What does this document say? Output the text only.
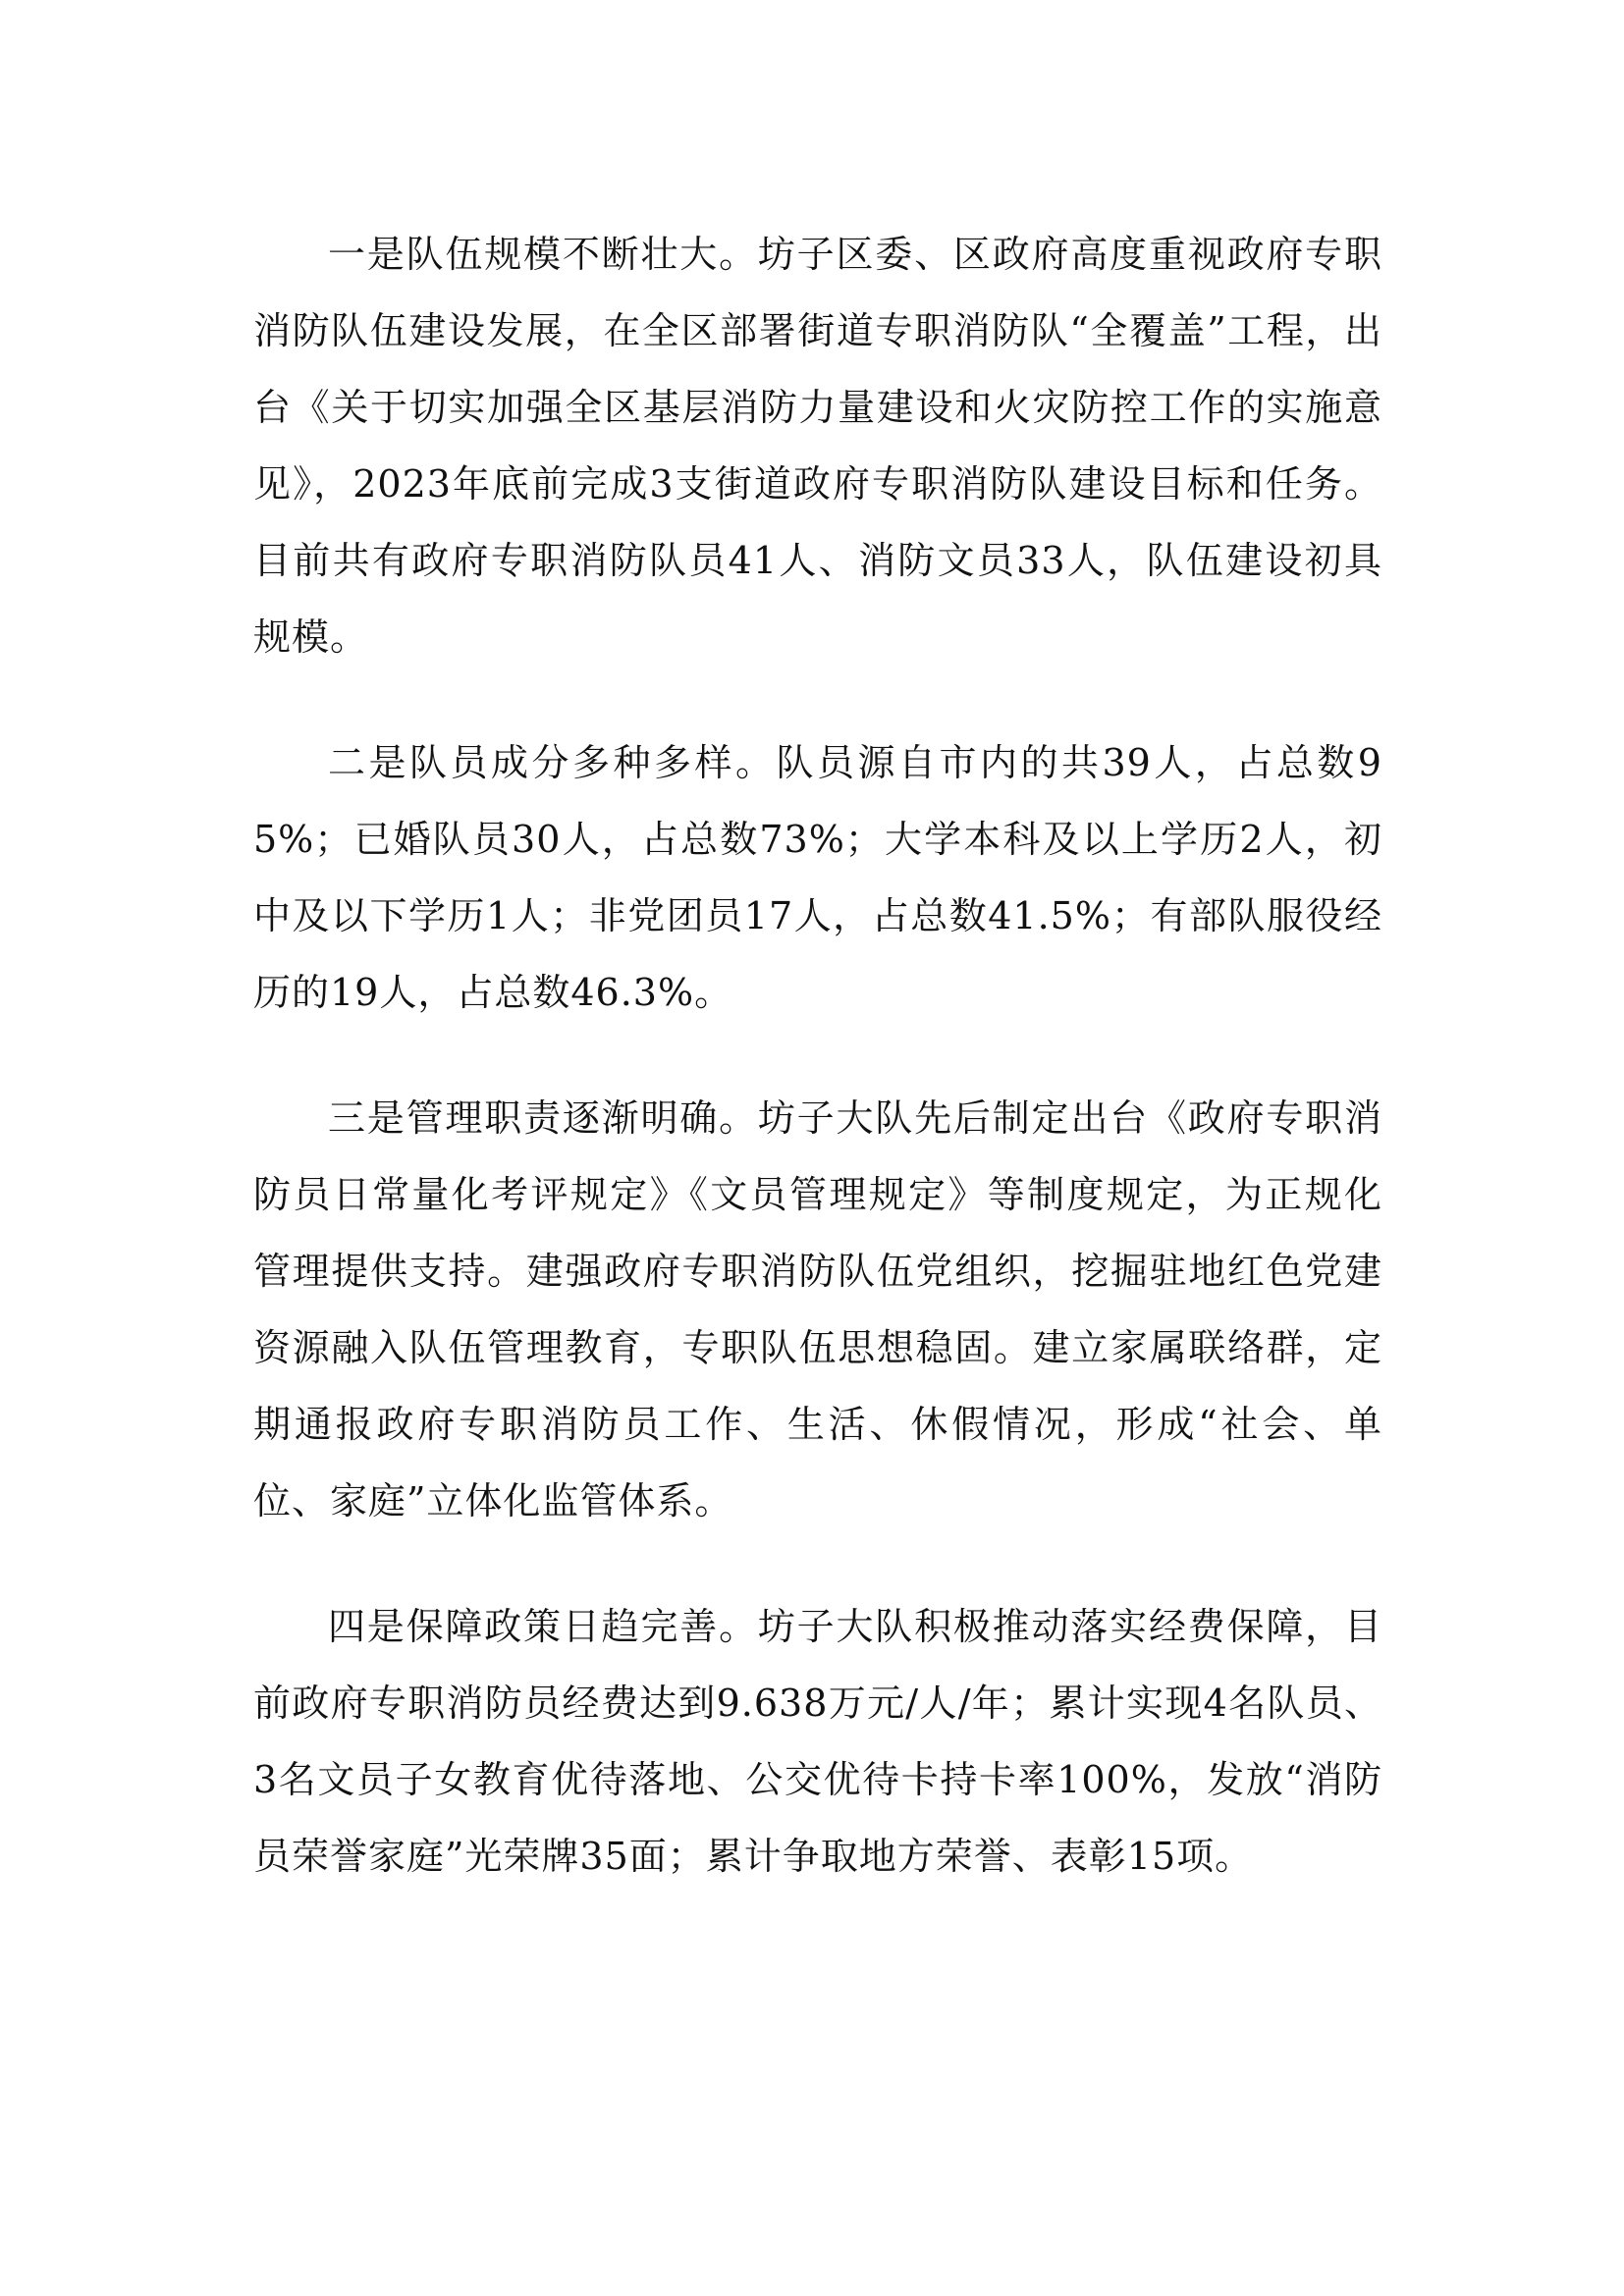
一是队伍规模不断壮大。坊子区委、区政府高度重视政府专职消防队伍建设发展，在全区部署街道专职消防队“全覆盖”工程，出台《关于切实加强全区基层消防力量建设和火灾防控工作的实施意见》，2023年底前完成3支街道政府专职消防队建设目标和任务。目前共有政府专职消防队员41人、消防文员33人，队伍建设初具规模。

二是队员成分多种多样。队员源自市内的共39人，占总数95%；已婚队员30人，占总数73%；大学本科及以上学历2人，初中及以下学历1人；非党团员17人，占总数41.5%；有部队服役经历的19人，占总数46.3%。

三是管理职责逐渐明确。坊子大队先后制定出台《政府专职消防员日常量化考评规定》《文员管理规定》等制度规定，为正规化管理提供支持。建强政府专职消防队伍党组织，挖掘驻地红色党建资源融入队伍管理教育，专职队伍思想稳固。建立家属联络群，定期通报政府专职消防员工作、生活、休假情况，形成“社会、单位、家庭”立体化监管体系。

四是保障政策日趋完善。坊子大队积极推动落实经费保障，目前政府专职消防员经费达到9.638万元/人/年；累计实现4名队员、3名文员子女教育优待落地、公交优待卡持卡率100%，发放“消防员荣誉家庭”光荣牌35面；累计争取地方荣誉、表彰15项。
